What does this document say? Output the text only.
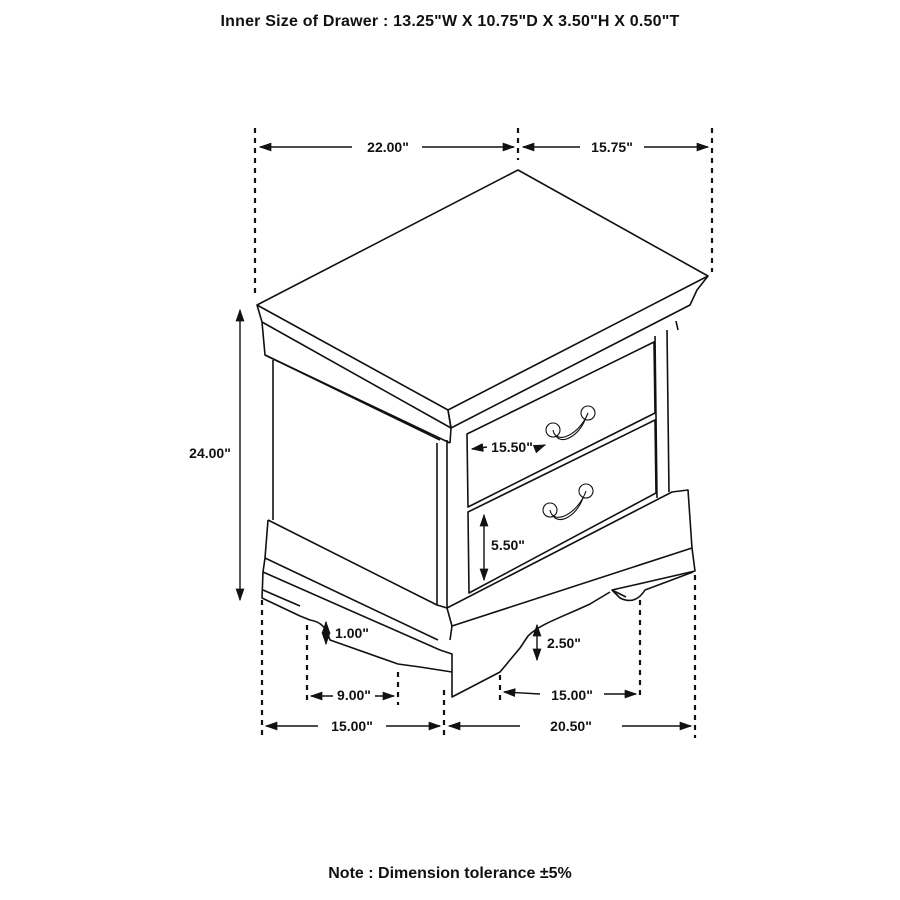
Inner Size of Drawer : 13.25"W X 10.75"D X 3.50"H X 0.50"T
22.00"	15.75"
24.00"	15.50"
5.50"
1.00"
2.50"
9.00"	15.00"
15.00"	20.50"
Note : Dimension tolerance ±5%
